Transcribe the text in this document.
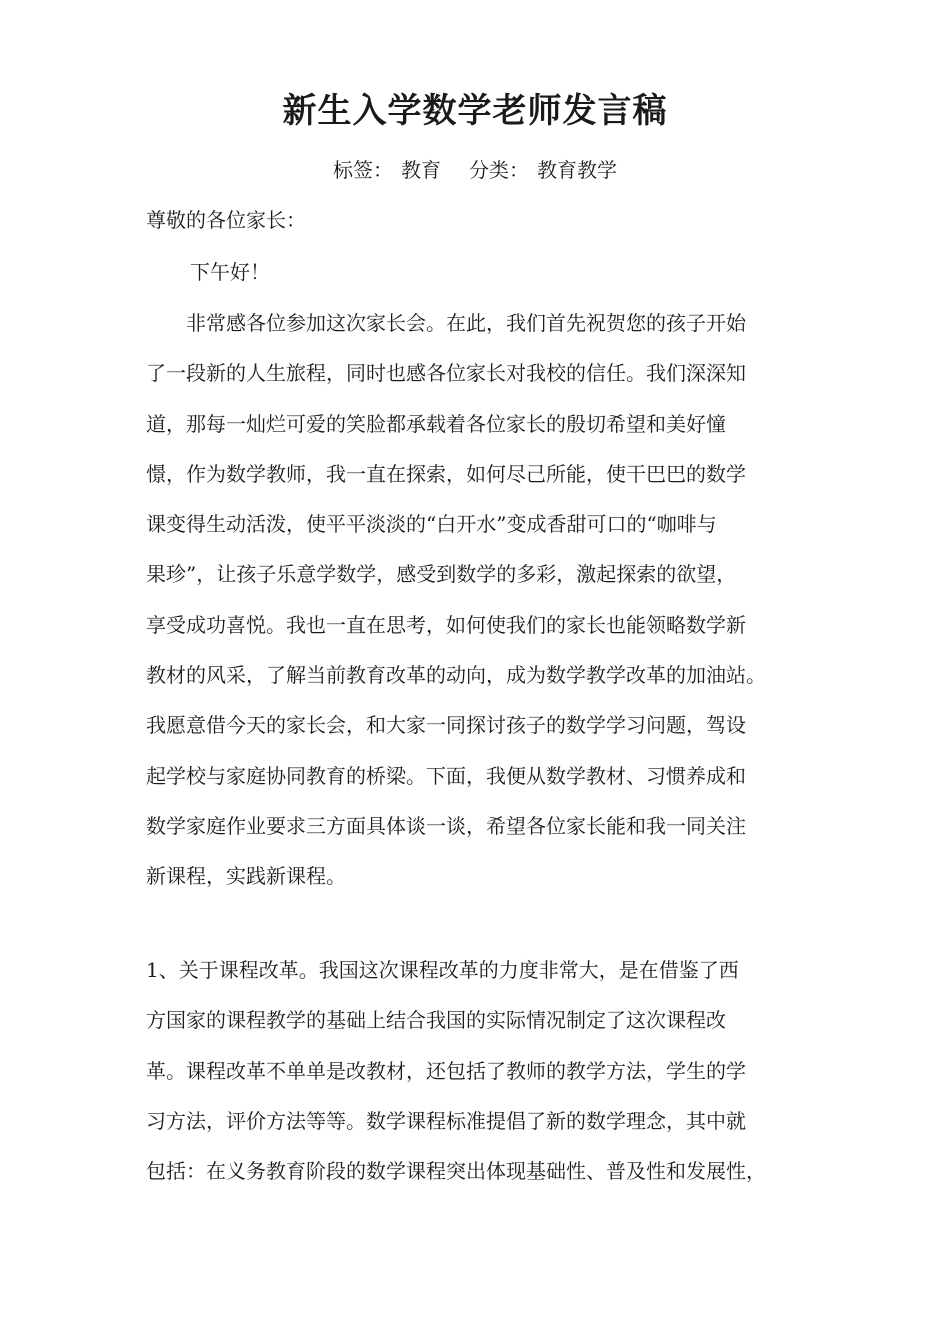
新生入学数学老师发言稿
标签： 教育 分类： 教育教学
尊敬的各位家长：
下午好！
　　非常感各位参加这次家长会。在此，我们首先祝贺您的孩子开始
了一段新的人生旅程，同时也感各位家长对我校的信任。我们深深知
道，那每一灿烂可爱的笑脸都承载着各位家长的殷切希望和美好憧
憬，作为数学教师，我一直在探索，如何尽己所能，使干巴巴的数学
课变得生动活泼，使平平淡淡的“白开水”变成香甜可口的“咖啡与
果珍”，让孩子乐意学数学，感受到数学的多彩，激起探索的欲望，
享受成功喜悦。我也一直在思考，如何使我们的家长也能领略数学新
教材的风采，了解当前教育改革的动向，成为数学教学改革的加油站。
我愿意借今天的家长会，和大家一同探讨孩子的数学学习问题，驾设
起学校与家庭协同教育的桥梁。下面，我便从数学教材、习惯养成和
数学家庭作业要求三方面具体谈一谈，希望各位家长能和我一同关注
新课程，实践新课程。
1、关于课程改革。我国这次课程改革的力度非常大，是在借鉴了西
方国家的课程教学的基础上结合我国的实际情况制定了这次课程改
革。课程改革不单单是改教材，还包括了教师的教学方法，学生的学
习方法，评价方法等等。数学课程标准提倡了新的数学理念，其中就
包括：在义务教育阶段的数学课程突出体现基础性、普及性和发展性，
